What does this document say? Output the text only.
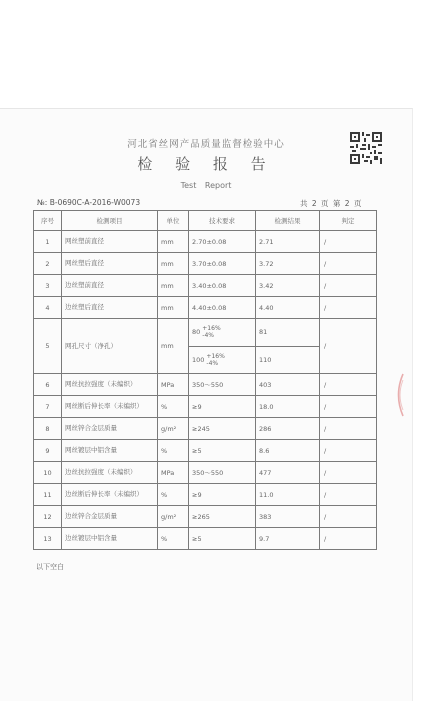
河北省丝网产品质量监督检验中心
检 验 报 告
Test Report
№: B-0690C-A-2016-W0073	共 2 页 第 2 页
序号	检测项目	单位	技术要求	检测结果	判定
1	网丝塑前直径	mm	2.70±0.08	2.71	/
2	网丝塑后直径	mm	3.70±0.08	3.72	/
3	边丝塑前直径	mm	3.40±0.08	3.42	/
4	边丝塑后直径	mm	4.40±0.08	4.40	/
5	网孔尺寸（净孔）	mm	80 +16%
-4%	81	/
			100 +16%
-4%	110	
6	网丝抗拉强度（未编织）	MPa	350～550	403	/
7	网丝断后伸长率（未编织）	%	≥9	18.0	/
8	网丝锌合金层质量	g/m²	≥245	286	/
9	网丝镀层中铝含量	%	≥5	8.6	/
10	边丝抗拉强度（未编织）	MPa	350～550	477	/
11	边丝断后伸长率（未编织）	%	≥9	11.0	/
12	边丝锌合金层质量	g/m²	≥265	383	/
13	边丝镀层中铝含量	%	≥5	9.7	/
以下空白
